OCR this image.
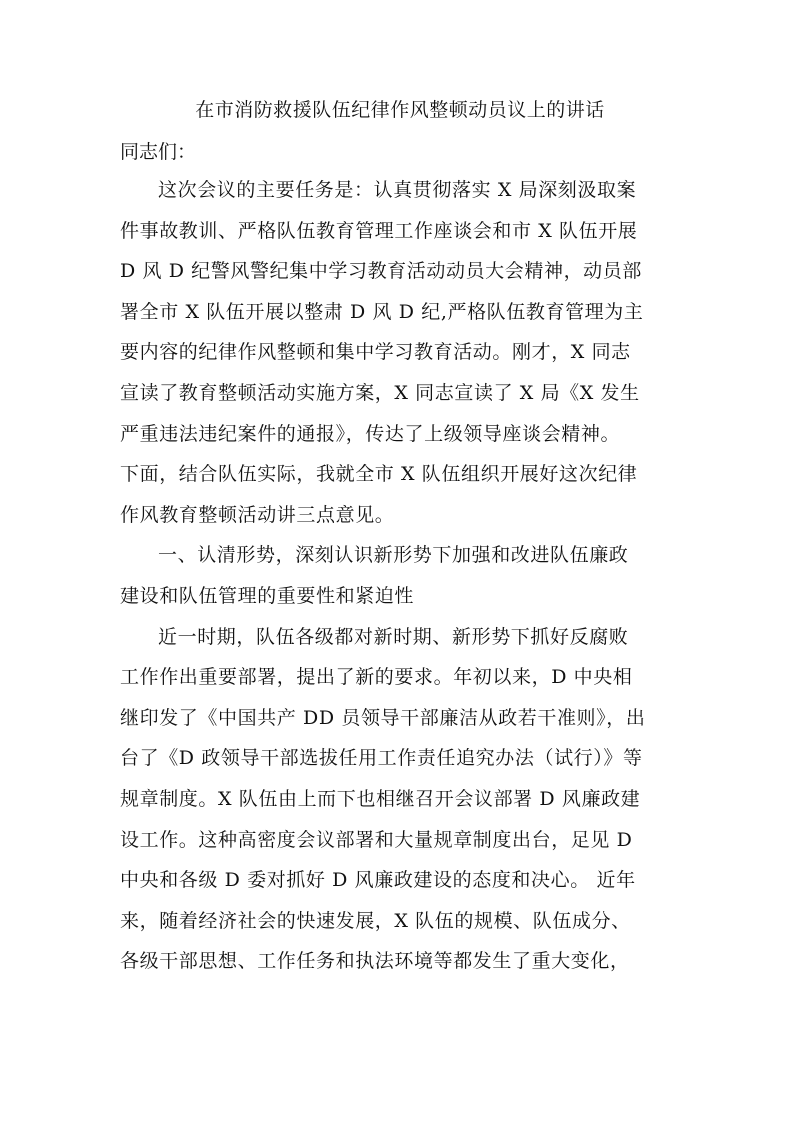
在市消防救援队伍纪律作风整顿动员议上的讲话
同志们：
这次会议的主要任务是：认真贯彻落实 X 局深刻汲取案
件事故教训、严格队伍教育管理工作座谈会和市 X 队伍开展
D 风 D 纪警风警纪集中学习教育活动动员大会精神，动员部
署全市 X 队伍开展以整肃 D 风 D 纪,严格队伍教育管理为主
要内容的纪律作风整顿和集中学习教育活动。刚才，X 同志
宣读了教育整顿活动实施方案，X 同志宣读了 X 局《X 发生
严重违法违纪案件的通报》，传达了上级领导座谈会精神。
下面，结合队伍实际，我就全市 X 队伍组织开展好这次纪律
作风教育整顿活动讲三点意见。
一、认清形势，深刻认识新形势下加强和改进队伍廉政
建设和队伍管理的重要性和紧迫性
近一时期，队伍各级都对新时期、新形势下抓好反腐败
工作作出重要部署，提出了新的要求。年初以来，D 中央相
继印发了《中国共产 DD 员领导干部廉洁从政若干准则》，出
台了《D 政领导干部选拔任用工作责任追究办法（试行）》等
规章制度。X 队伍由上而下也相继召开会议部署 D 风廉政建
设工作。这种高密度会议部署和大量规章制度出台，足见 D
中央和各级 D 委对抓好 D 风廉政建设的态度和决心。 近年
来，随着经济社会的快速发展，X 队伍的规模、队伍成分、
各级干部思想、工作任务和执法环境等都发生了重大变化，
